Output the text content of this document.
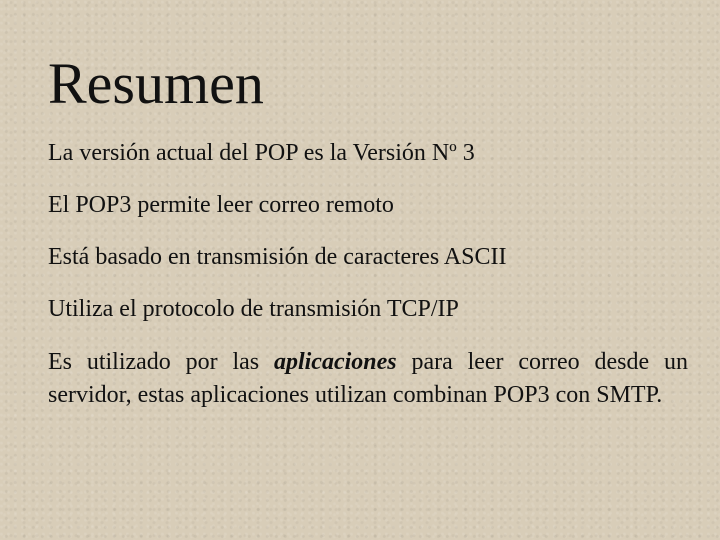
Resumen
La versión actual del POP es la Versión Nº 3
El POP3 permite leer correo remoto
Está basado en transmisión de caracteres ASCII
Utiliza el protocolo de transmisión TCP/IP
Es utilizado por las aplicaciones para leer correo desde un servidor, estas aplicaciones utilizan combinan POP3 con SMTP.
